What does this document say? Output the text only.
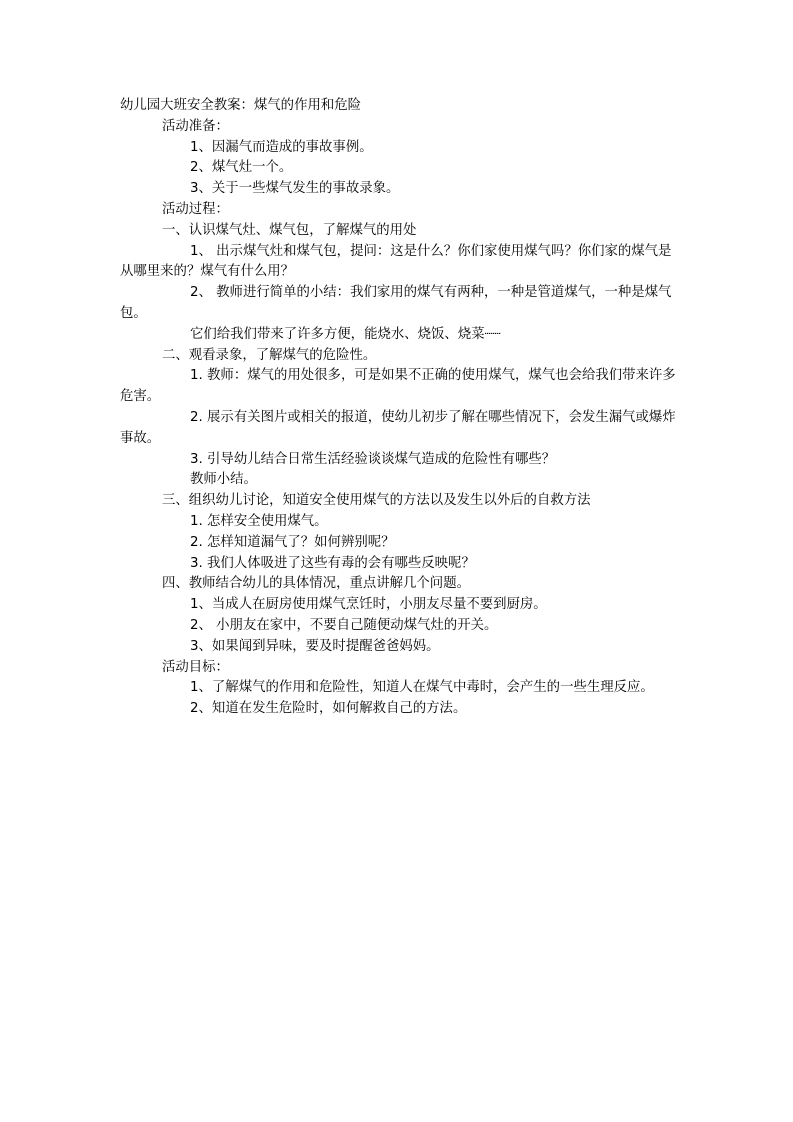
幼儿园大班安全教案：煤气的作用和危险

活动准备：

1、因漏气而造成的事故事例。

2、煤气灶一个。

3、关于一些煤气发生的事故录象。

活动过程：

一、认识煤气灶、煤气包，了解煤气的用处

1、 出示煤气灶和煤气包，提问：这是什么？你们家使用煤气吗？你们家的煤气是从哪里来的？煤气有什么用？

2、 教师进行简单的小结：我们家用的煤气有两种，一种是管道煤气，一种是煤气包。

它们给我们带来了许多方便，能烧水、烧饭、烧菜┈┈

二、观看录象，了解煤气的危险性。

1. 教师：煤气的用处很多，可是如果不正确的使用煤气，煤气也会给我们带来许多危害。

2. 展示有关图片或相关的报道，使幼儿初步了解在哪些情况下，会发生漏气或爆炸事故。

3. 引导幼儿结合日常生活经验谈谈煤气造成的危险性有哪些？

教师小结。

三、组织幼儿讨论，知道安全使用煤气的方法以及发生以外后的自救方法

1. 怎样安全使用煤气。

2. 怎样知道漏气了？如何辨别呢？

3. 我们人体吸进了这些有毒的会有哪些反映呢？

四、教师结合幼儿的具体情况，重点讲解几个问题。

1、当成人在厨房使用煤气烹饪时，小朋友尽量不要到厨房。

2、 小朋友在家中，不要自己随便动煤气灶的开关。

3、如果闻到异味，要及时提醒爸爸妈妈。

活动目标：

1、了解煤气的作用和危险性，知道人在煤气中毒时，会产生的一些生理反应。

2、知道在发生危险时，如何解救自己的方法。
